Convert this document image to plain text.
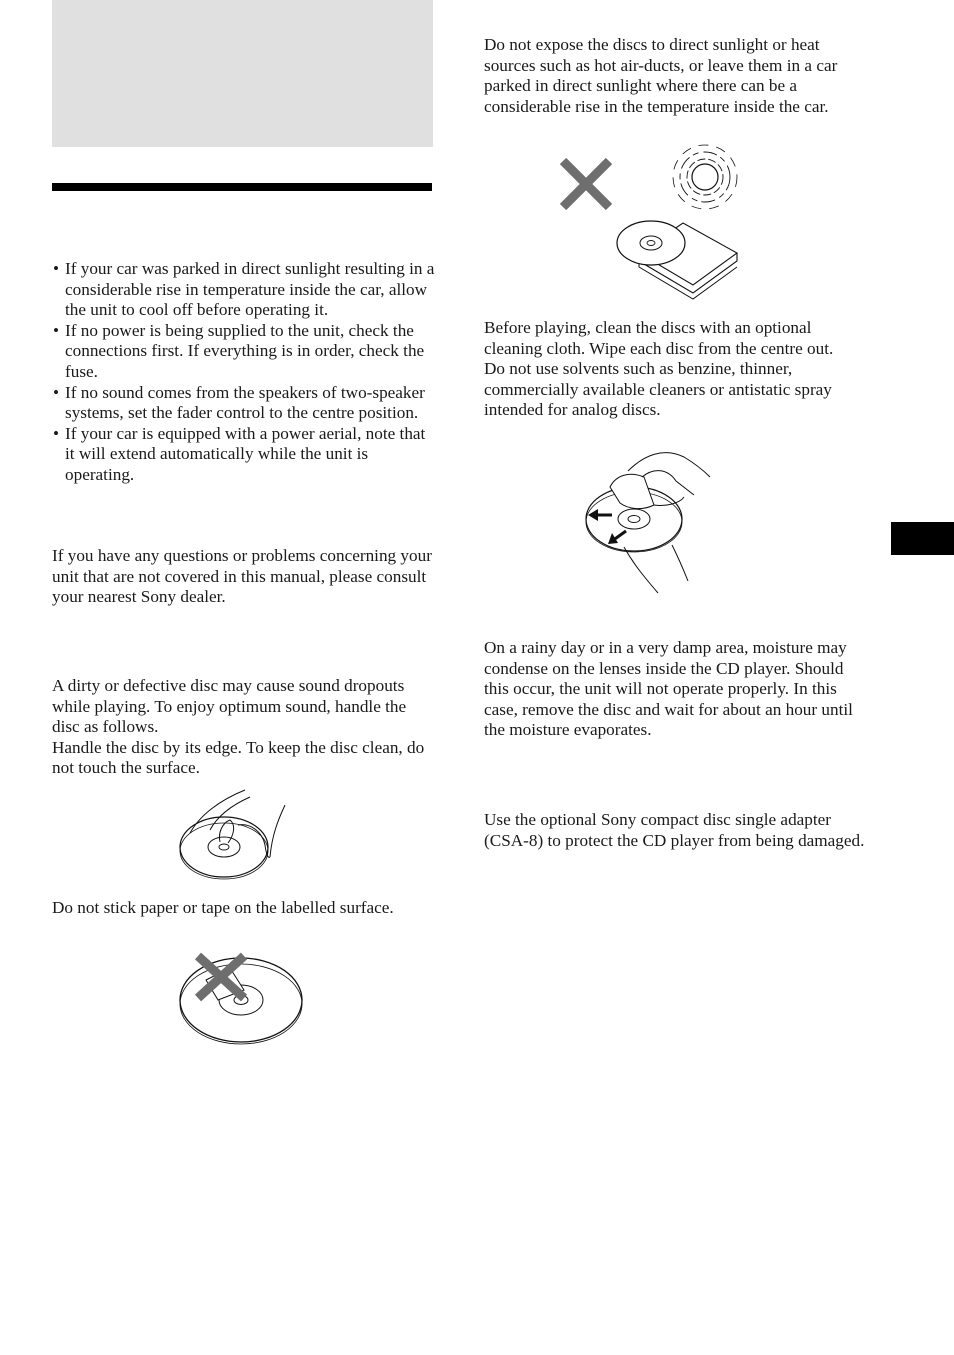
• If your car was parked in direct sunlight resulting in a considerable rise in temperature inside the car, allow the unit to cool off before operating it.
• If no power is being supplied to the unit, check the connections first. If everything is in order, check the fuse.
• If no sound comes from the speakers of two-speaker systems, set the fader control to the centre position.
• If your car is equipped with a power aerial, note that it will extend automatically while the unit is operating.

If you have any questions or problems concerning your unit that are not covered in this manual, please consult your nearest Sony dealer.

A dirty or defective disc may cause sound dropouts while playing. To enjoy optimum sound, handle the disc as follows.

Handle the disc by its edge. To keep the disc clean, do not touch the surface.

Do not stick paper or tape on the labelled surface.

Do not expose the discs to direct sunlight or heat sources such as hot air-ducts, or leave them in a car parked in direct sunlight where there can be a considerable rise in the temperature inside the car.

Before playing, clean the discs with an optional cleaning cloth. Wipe each disc from the centre out.

Do not use solvents such as benzine, thinner, commercially available cleaners or antistatic spray intended for analog discs.

On a rainy day or in a very damp area, moisture may condense on the lenses inside the CD player. Should this occur, the unit will not operate properly. In this case, remove the disc and wait for about an hour until the moisture evaporates.

Use the optional Sony compact disc single adapter (CSA-8) to protect the CD player from being damaged.
